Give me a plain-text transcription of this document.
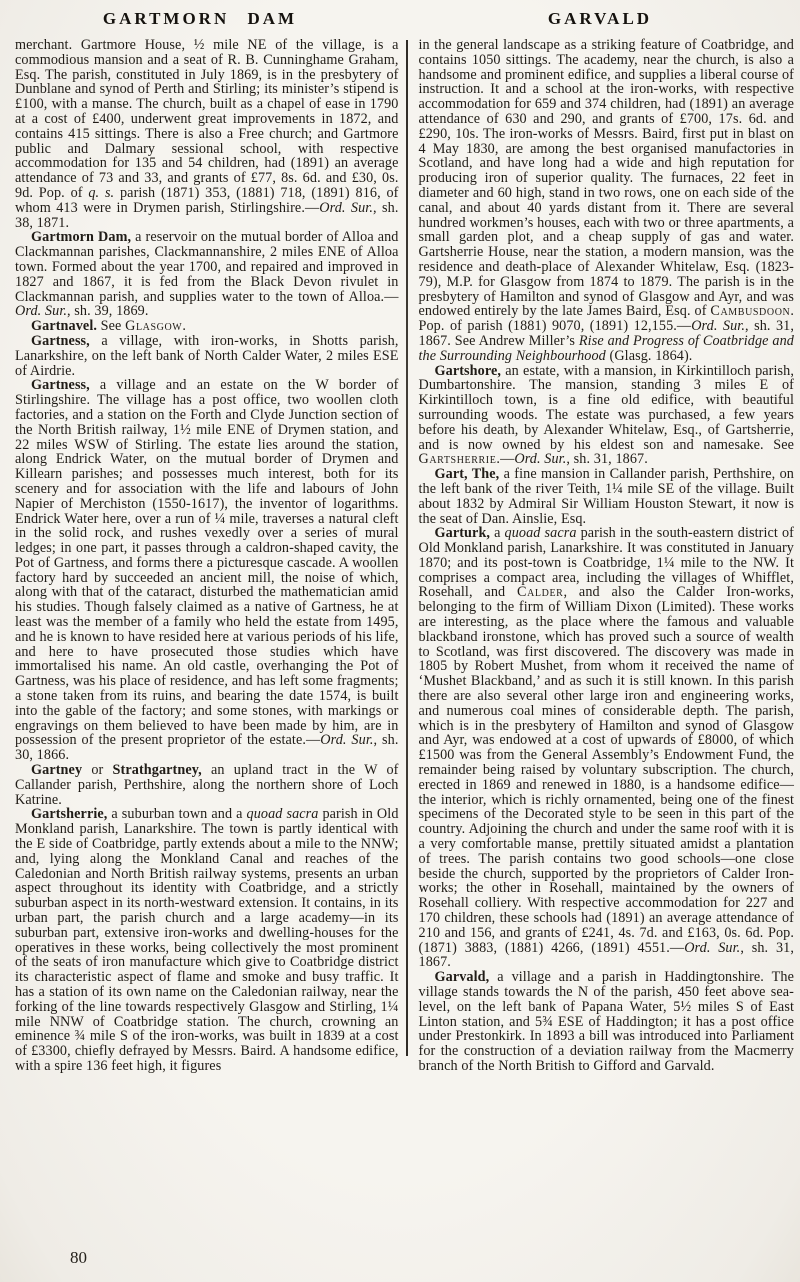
GARTMORN DAM	GARVALD

merchant. Gartmore House, ½ mile NE of the village, is a commodious mansion and a seat of R. B. Cunninghame Graham, Esq. The parish, constituted in July 1869, is in the presbytery of Dunblane and synod of Perth and Stirling; its minister’s stipend is £100, with a manse. The church, built as a chapel of ease in 1790 at a cost of £400, underwent great improvements in 1872, and contains 415 sittings. There is also a Free church; and Gartmore public and Dalmary sessional school, with respective accommodation for 135 and 54 children, had (1891) an average attendance of 73 and 33, and grants of £77, 8s. 6d. and £30, 0s. 9d. Pop. of q. s. parish (1871) 353, (1881) 718, (1891) 816, of whom 413 were in Drymen parish, Stirlingshire.—Ord. Sur., sh. 38, 1871.

Gartmorn Dam, a reservoir on the mutual border of Alloa and Clackmannan parishes, Clackmannanshire, 2 miles ENE of Alloa town. Formed about the year 1700, and repaired and improved in 1827 and 1867, it is fed from the Black Devon rivulet in Clackmannan parish, and supplies water to the town of Alloa.—Ord. Sur., sh. 39, 1869.

Gartnavel. See Glasgow.

Gartness, a village, with iron-works, in Shotts parish, Lanarkshire, on the left bank of North Calder Water, 2 miles ESE of Airdrie.

Gartness, a village and an estate on the W border of Stirlingshire. The village has a post office, two woollen cloth factories, and a station on the Forth and Clyde Junction section of the North British railway, 1½ mile ENE of Drymen station, and 22 miles WSW of Stirling. The estate lies around the station, along Endrick Water, on the mutual border of Drymen and Killearn parishes; and possesses much interest, both for its scenery and for association with the life and labours of John Napier of Merchiston (1550-1617), the inventor of logarithms. Endrick Water here, over a run of ¼ mile, traverses a natural cleft in the solid rock, and rushes vexedly over a series of mural ledges; in one part, it passes through a caldron-shaped cavity, the Pot of Gartness, and forms there a picturesque cascade. A woollen factory hard by succeeded an ancient mill, the noise of which, along with that of the cataract, disturbed the mathematician amid his studies. Though falsely claimed as a native of Gartness, he at least was the member of a family who held the estate from 1495, and he is known to have resided here at various periods of his life, and here to have prosecuted those studies which have immortalised his name. An old castle, overhanging the Pot of Gartness, was his place of residence, and has left some fragments; a stone taken from its ruins, and bearing the date 1574, is built into the gable of the factory; and some stones, with markings or engravings on them believed to have been made by him, are in possession of the present proprietor of the estate.—Ord. Sur., sh. 30, 1866.

Gartney or Strathgartney, an upland tract in the W of Callander parish, Perthshire, along the northern shore of Loch Katrine.

Gartsherrie, a suburban town and a quoad sacra parish in Old Monkland parish, Lanarkshire. The town is partly identical with the E side of Coatbridge, partly extends about a mile to the NNW; and, lying along the Monkland Canal and reaches of the Caledonian and North British railway systems, presents an urban aspect throughout its identity with Coatbridge, and a strictly suburban aspect in its north-westward extension. It contains, in its urban part, the parish church and a large academy—in its suburban part, extensive iron-works and dwelling-houses for the operatives in these works, being collectively the most prominent of the seats of iron manufacture which give to Coatbridge district its characteristic aspect of flame and smoke and busy traffic. It has a station of its own name on the Caledonian railway, near the forking of the line towards respectively Glasgow and Stirling, 1¼ mile NNW of Coatbridge station. The church, crowning an eminence ¾ mile S of the iron-works, was built in 1839 at a cost of £3300, chiefly defrayed by Messrs. Baird. A handsome edifice, with a spire 136 feet high, it figures

in the general landscape as a striking feature of Coatbridge, and contains 1050 sittings. The academy, near the church, is also a handsome and prominent edifice, and supplies a liberal course of instruction. It and a school at the iron-works, with respective accommodation for 659 and 374 children, had (1891) an average attendance of 630 and 290, and grants of £700, 17s. 6d. and £290, 10s. The iron-works of Messrs. Baird, first put in blast on 4 May 1830, are among the best organised manufactories in Scotland, and have long had a wide and high reputation for producing iron of superior quality. The furnaces, 22 feet in diameter and 60 high, stand in two rows, one on each side of the canal, and about 40 yards distant from it. There are several hundred workmen’s houses, each with two or three apartments, a small garden plot, and a cheap supply of gas and water. Gartsherrie House, near the station, a modern mansion, was the residence and death-place of Alexander Whitelaw, Esq. (1823-79), M.P. for Glasgow from 1874 to 1879. The parish is in the presbytery of Hamilton and synod of Glasgow and Ayr, and was endowed entirely by the late James Baird, Esq. of Cambusdoon. Pop. of parish (1881) 9070, (1891) 12,155.—Ord. Sur., sh. 31, 1867. See Andrew Miller’s Rise and Progress of Coatbridge and the Surrounding Neighbourhood (Glasg. 1864).

Gartshore, an estate, with a mansion, in Kirkintilloch parish, Dumbartonshire. The mansion, standing 3 miles E of Kirkintilloch town, is a fine old edifice, with beautiful surrounding woods. The estate was purchased, a few years before his death, by Alexander Whitelaw, Esq., of Gartsherrie, and is now owned by his eldest son and namesake. See Gartsherrie.—Ord. Sur., sh. 31, 1867.

Gart, The, a fine mansion in Callander parish, Perthshire, on the left bank of the river Teith, 1¼ mile SE of the village. Built about 1832 by Admiral Sir William Houston Stewart, it now is the seat of Dan. Ainslie, Esq.

Garturk, a quoad sacra parish in the south-eastern district of Old Monkland parish, Lanarkshire. It was constituted in January 1870; and its post-town is Coatbridge, 1¼ mile to the NW. It comprises a compact area, including the villages of Whifflet, Rosehall, and Calder, and also the Calder Iron-works, belonging to the firm of William Dixon (Limited). These works are interesting, as the place where the famous and valuable blackband ironstone, which has proved such a source of wealth to Scotland, was first discovered. The discovery was made in 1805 by Robert Mushet, from whom it received the name of ‘Mushet Blackband,’ and as such it is still known. In this parish there are also several other large iron and engineering works, and numerous coal mines of considerable depth. The parish, which is in the presbytery of Hamilton and synod of Glasgow and Ayr, was endowed at a cost of upwards of £8000, of which £1500 was from the General Assembly’s Endowment Fund, the remainder being raised by voluntary subscription. The church, erected in 1869 and renewed in 1880, is a handsome edifice—the interior, which is richly ornamented, being one of the finest specimens of the Decorated style to be seen in this part of the country. Adjoining the church and under the same roof with it is a very comfortable manse, prettily situated amidst a plantation of trees. The parish contains two good schools—one close beside the church, supported by the proprietors of Calder Iron-works; the other in Rosehall, maintained by the owners of Rosehall colliery. With respective accommodation for 227 and 170 children, these schools had (1891) an average attendance of 210 and 156, and grants of £241, 4s. 7d. and £163, 0s. 6d. Pop. (1871) 3883, (1881) 4266, (1891) 4551.—Ord. Sur., sh. 31, 1867.

Garvald, a village and a parish in Haddingtonshire. The village stands towards the N of the parish, 450 feet above sea-level, on the left bank of Papana Water, 5½ miles S of East Linton station, and 5¾ ESE of Haddington; it has a post office under Prestonkirk. In 1893 a bill was introduced into Parliament for the construction of a deviation railway from the Macmerry branch of the North British to Gifford and Garvald.

80
